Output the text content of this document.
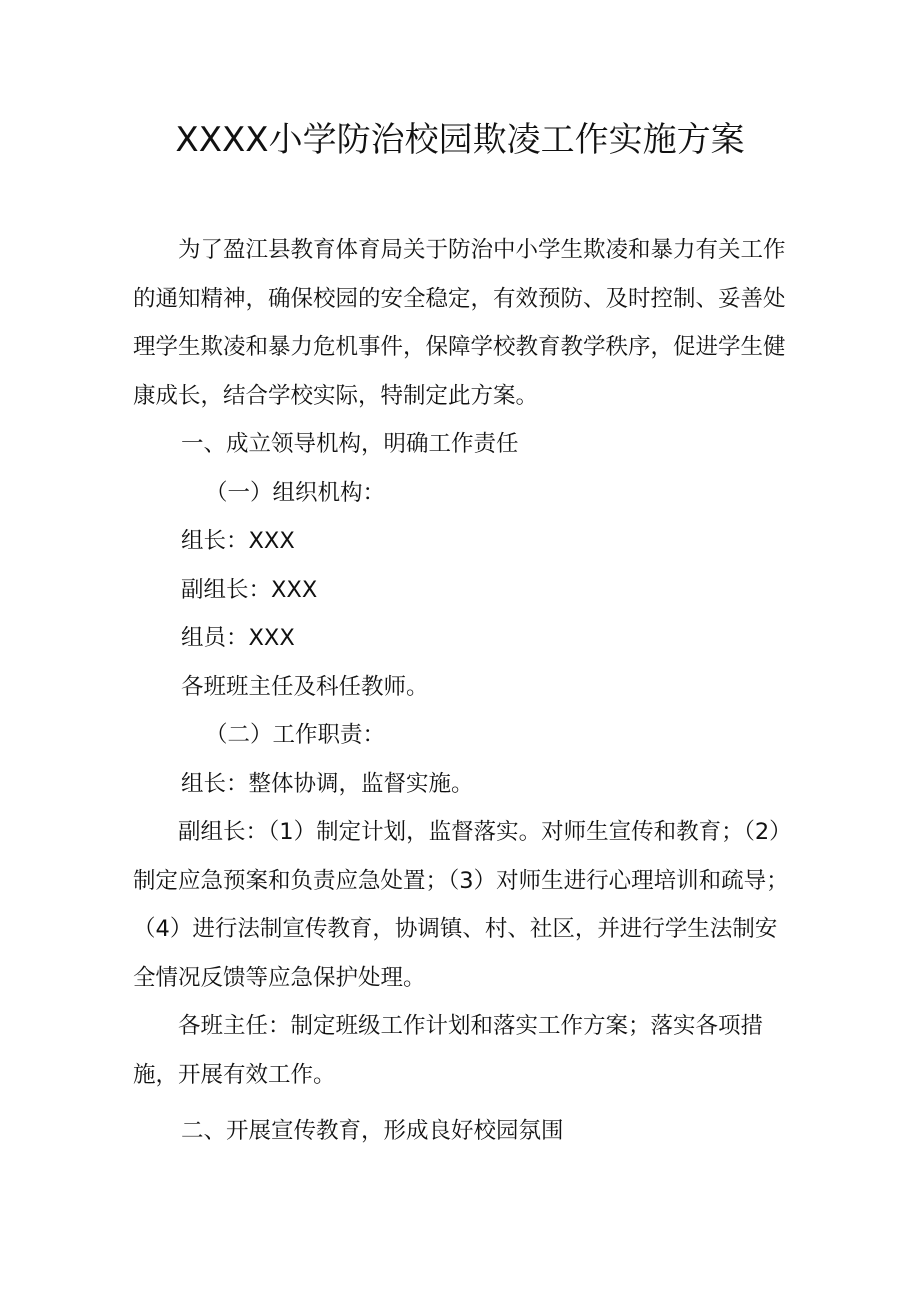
XXXX小学防治校园欺凌工作实施方案

为了盈江县教育体育局关于防治中小学生欺凌和暴力有关工作的通知精神，确保校园的安全稳定，有效预防、及时控制、妥善处理学生欺凌和暴力危机事件，保障学校教育教学秩序，促进学生健康成长，结合学校实际，特制定此方案。

一、成立领导机构，明确工作责任

（一）组织机构：

组长：XXX

副组长：XXX

组员：XXX

各班班主任及科任教师。

（二）工作职责：

组长：整体协调，监督实施。

副组长：（1）制定计划，监督落实。对师生宣传和教育；（2）制定应急预案和负责应急处置；（3）对师生进行心理培训和疏导；（4）进行法制宣传教育，协调镇、村、社区，并进行学生法制安全情况反馈等应急保护处理。

各班主任：制定班级工作计划和落实工作方案；落实各项措施，开展有效工作。

二、开展宣传教育，形成良好校园氛围
